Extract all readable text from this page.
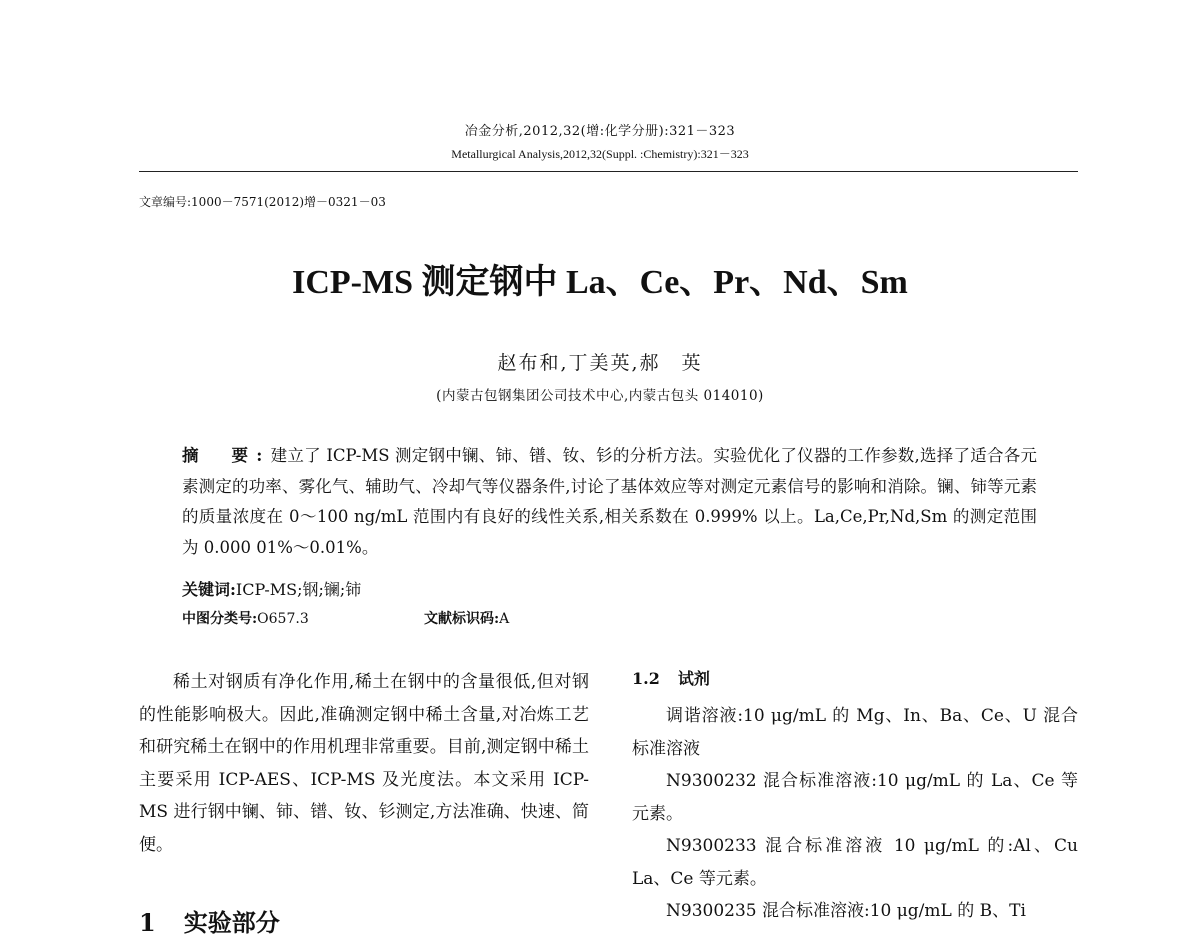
冶金分析,2012,32(增:化学分册):321－323
Metallurgical Analysis,2012,32(Suppl. :Chemistry):321－323
文章编号:1000－7571(2012)增－0321－03
ICP-MS 测定钢中 La、Ce、Pr、Nd、Sm
赵布和,丁美英,郝　英
(内蒙古包钢集团公司技术中心,内蒙古包头 014010)
摘　要:建立了 ICP-MS 测定钢中镧、铈、镨、钕、钐的分析方法。实验优化了仪器的工作参数,选择了适合各元素测定的功率、雾化气、辅助气、冷却气等仪器条件,讨论了基体效应等对测定元素信号的影响和消除。镧、铈等元素的质量浓度在 0～100 ng/mL 范围内有良好的线性关系,相关系数在 0.999% 以上。La,Ce,Pr,Nd,Sm 的测定范围为 0.000 01%～0.01%。
关键词:ICP-MS;钢;镧;铈
中图分类号:O657.3	文献标识码:A

稀土对钢质有净化作用,稀土在钢中的含量很低,但对钢的性能影响极大。因此,准确测定钢中稀土含量,对冶炼工艺和研究稀土在钢中的作用机理非常重要。目前,测定钢中稀土主要采用 ICP-AES、ICP-MS 及光度法。本文采用 ICP-MS 进行钢中镧、铈、镨、钕、钐测定,方法准确、快速、简便。

1 实验部分
1.2 试剂

调谐溶液:10 μg/mL 的 Mg、In、Ba、Ce、U 混合标准溶液

N9300232 混合标准溶液:10 μg/mL 的 La、Ce 等元素。

N9300233 混合标准溶液 10 μg/mL 的:Al、Cu La、Ce 等元素。

N9300235 混合标准溶液:10 μg/mL 的 B、Ti
